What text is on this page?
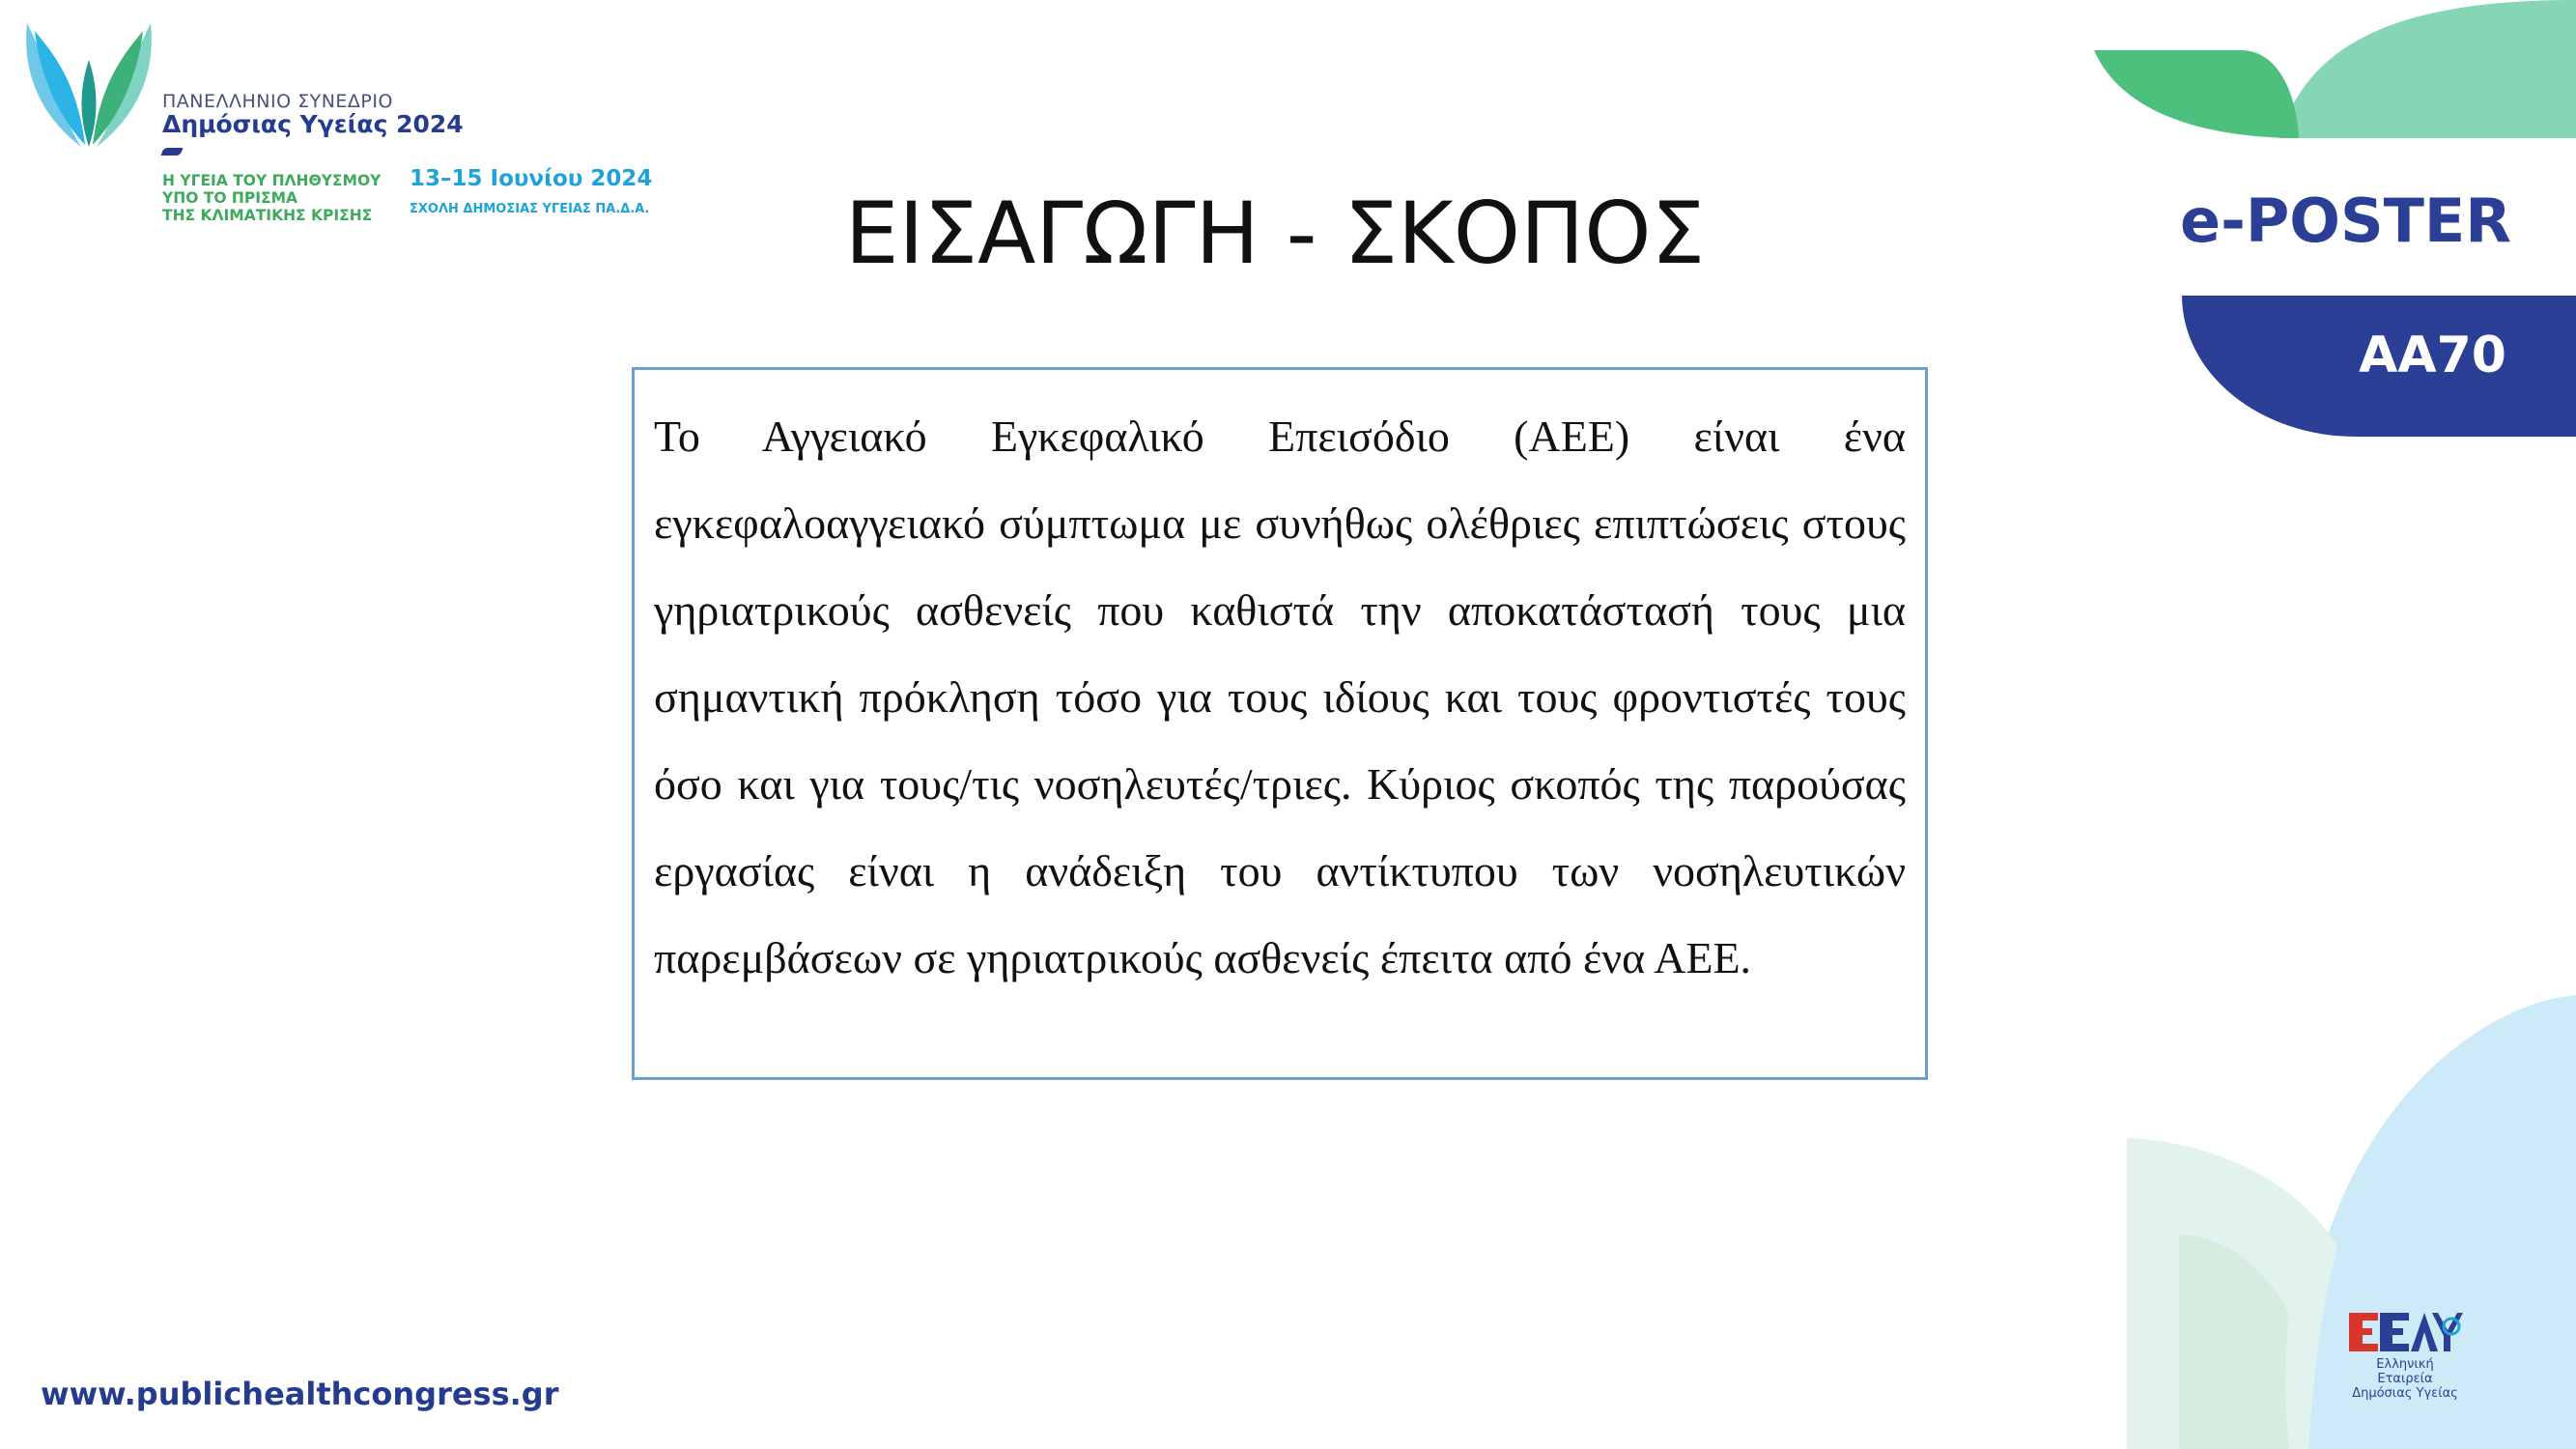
ΠΑΝΕΛΛΗΝΙΟ ΣΥΝΕΔΡΙΟ
Δημόσιας Υγείας 2024
Η ΥΓΕΙΑ ΤΟΥ ΠΛΗΘΥΣΜΟΥ
ΥΠΟ ΤΟ ΠΡΙΣΜΑ
ΤΗΣ ΚΛΙΜΑΤΙΚΗΣ ΚΡΙΣΗΣ
13–15 Ιουνίου 2024
ΣΧΟΛΗ ΔΗΜΟΣΙΑΣ ΥΓΕΙΑΣ ΠΑ.Δ.Α.	ΕΙΣΑΓΩΓΗ - ΣΚΟΠΟΣ	e-POSTER
ΑΑ70

Το Αγγειακό Εγκεφαλικό Επεισόδιο (ΑΕΕ) είναι ένα εγκεφαλοαγγειακό σύμπτωμα με συνήθως ολέθριες επιπτώσεις στους γηριατρικούς ασθενείς που καθιστά την αποκατάστασή τους μια σημαντική πρόκληση τόσο για τους ιδίους και τους φροντιστές τους όσο και για τους/τις νοσηλευτές/τριες. Κύριος σκοπός της παρούσας εργασίας είναι η ανάδειξη του αντίκτυπου των νοσηλευτικών παρεμβάσεων σε γηριατρικούς ασθενείς έπειτα από ένα ΑΕΕ.

www.publichealthcongress.gr
Ελληνική Εταιρεία
Δημόσιας Υγείας
